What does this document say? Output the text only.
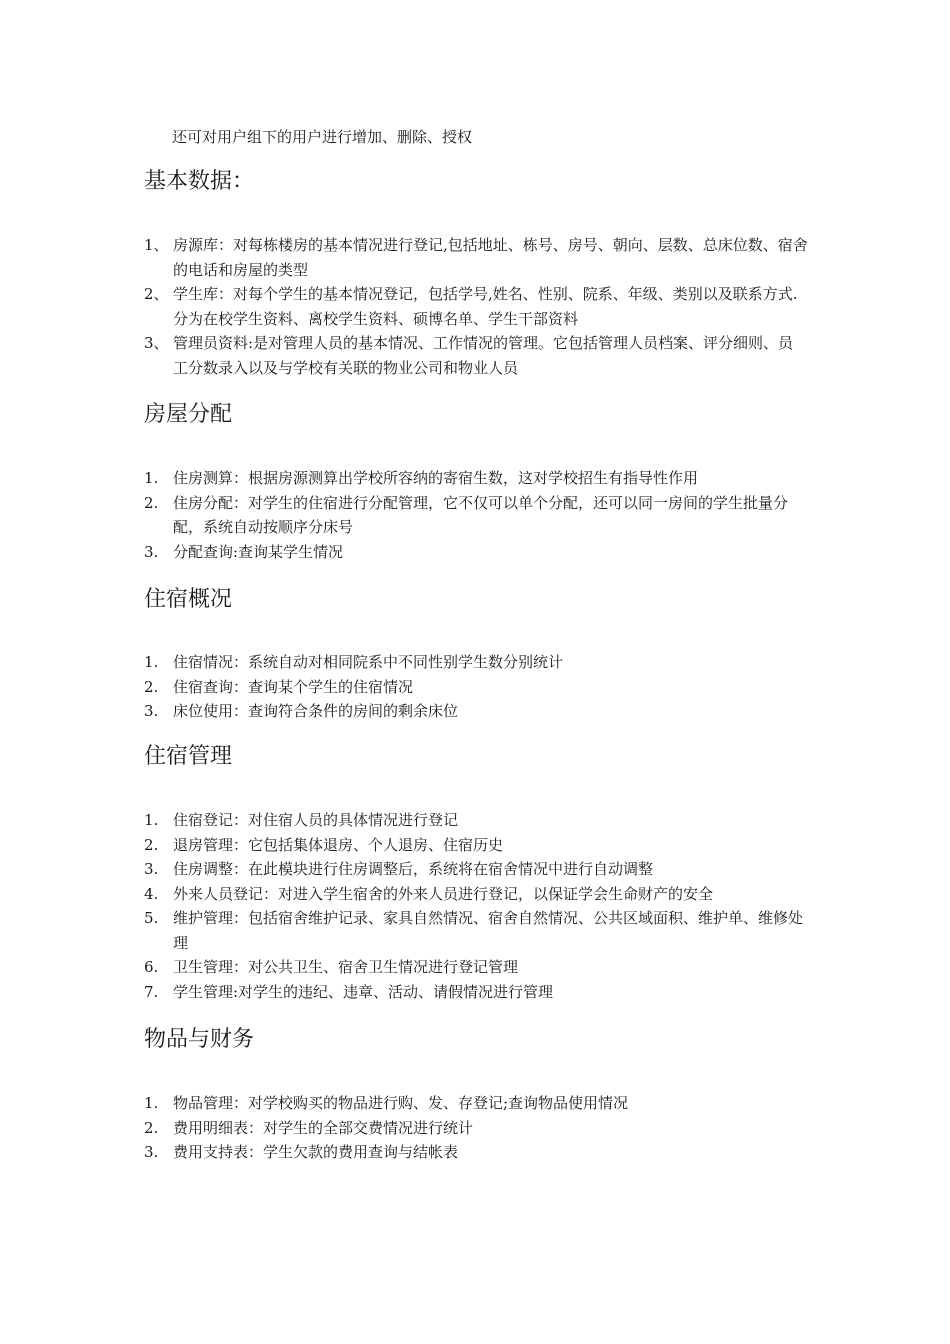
还可对用户组下的用户进行增加、删除、授权
基本数据：
1、 房源库：对每栋楼房的基本情况进行登记,包括地址、栋号、房号、朝向、层数、总床位数、宿舍的电话和房屋的类型
2、 学生库：对每个学生的基本情况登记，包括学号,姓名、性别、院系、年级、类别以及联系方式.分为在校学生资料、离校学生资料、硕博名单、学生干部资料
3、 管理员资料:是对管理人员的基本情况、工作情况的管理。它包括管理人员档案、评分细则、员工分数录入以及与学校有关联的物业公司和物业人员
房屋分配
1. 住房测算：根据房源测算出学校所容纳的寄宿生数，这对学校招生有指导性作用
2. 住房分配：对学生的住宿进行分配管理，它不仅可以单个分配，还可以同一房间的学生批量分配，系统自动按顺序分床号
3. 分配查询:查询某学生情况
住宿概况
1. 住宿情况：系统自动对相同院系中不同性别学生数分别统计
2. 住宿查询：查询某个学生的住宿情况
3. 床位使用：查询符合条件的房间的剩余床位
住宿管理
1. 住宿登记：对住宿人员的具体情况进行登记
2. 退房管理：它包括集体退房、个人退房、住宿历史
3. 住房调整：在此模块进行住房调整后，系统将在宿舍情况中进行自动调整
4. 外来人员登记：对进入学生宿舍的外来人员进行登记，以保证学会生命财产的安全
5. 维护管理：包括宿舍维护记录、家具自然情况、宿舍自然情况、公共区域面积、维护单、维修处理
6. 卫生管理：对公共卫生、宿舍卫生情况进行登记管理
7. 学生管理:对学生的违纪、违章、活动、请假情况进行管理
物品与财务
1. 物品管理：对学校购买的物品进行购、发、存登记;查询物品使用情况
2. 费用明细表：对学生的全部交费情况进行统计
3. 费用支持表：学生欠款的费用查询与结帐表
